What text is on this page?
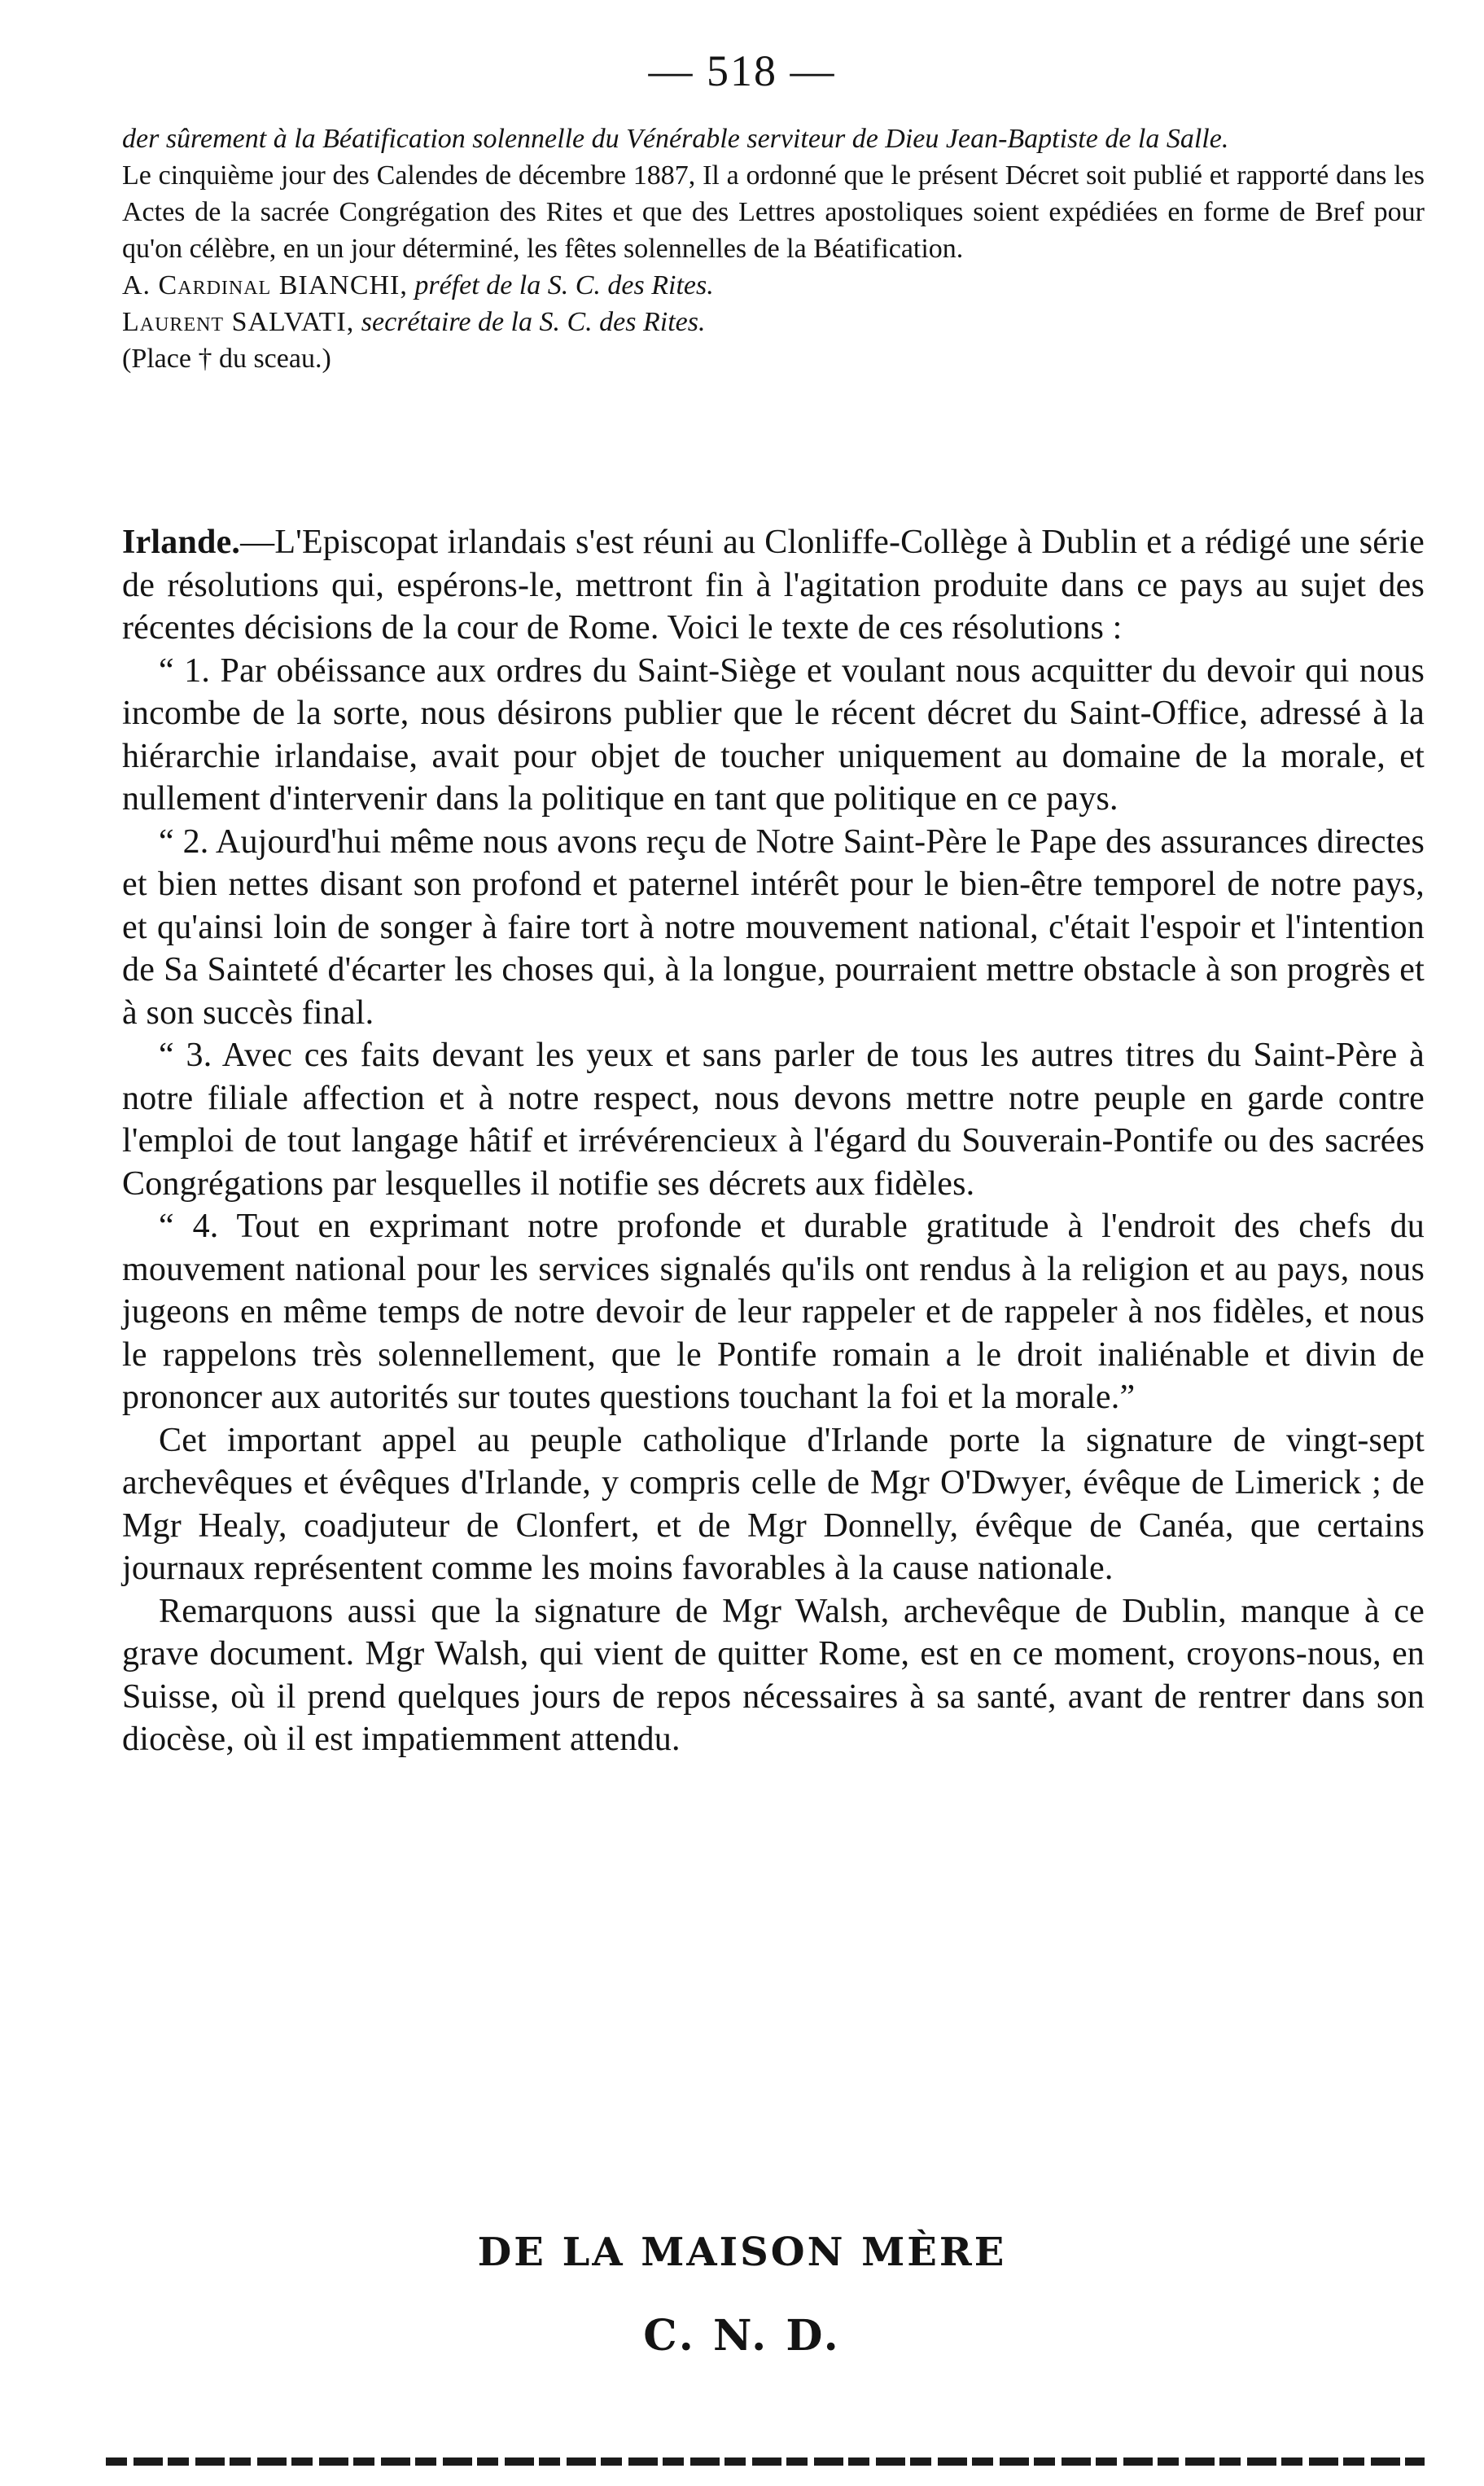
— 518 —

der sûrement à la Béatification solennelle du Vénérable serviteur de Dieu Jean-Baptiste de la Salle.

Le cinquième jour des Calendes de décembre 1887, Il a ordonné que le présent Décret soit publié et rapporté dans les Actes de la sacrée Congrégation des Rites et que des Lettres apostoliques soient expédiées en forme de Bref pour qu'on célèbre, en un jour déterminé, les fêtes solennelles de la Béatification.

A. Cardinal BIANCHI, préfet de la S. C. des Rites.

Laurent SALVATI, secrétaire de la S. C. des Rites.

(Place † du sceau.)

Irlande.—L'Episcopat irlandais s'est réuni au Clonliffe-Collège à Dublin et a rédigé une série de résolutions qui, espérons-le, mettront fin à l'agitation produite dans ce pays au sujet des récentes décisions de la cour de Rome. Voici le texte de ces résolutions :

“ 1. Par obéissance aux ordres du Saint-Siège et voulant nous acquitter du devoir qui nous incombe de la sorte, nous désirons publier que le récent décret du Saint-Office, adressé à la hiérarchie irlandaise, avait pour objet de toucher uniquement au domaine de la morale, et nullement d'intervenir dans la politique en tant que politique en ce pays.

“ 2. Aujourd'hui même nous avons reçu de Notre Saint-Père le Pape des assurances directes et bien nettes disant son profond et paternel intérêt pour le bien-être temporel de notre pays, et qu'ainsi loin de songer à faire tort à notre mouvement national, c'était l'espoir et l'intention de Sa Sainteté d'écarter les choses qui, à la longue, pourraient mettre obstacle à son progrès et à son succès final.

“ 3. Avec ces faits devant les yeux et sans parler de tous les autres titres du Saint-Père à notre filiale affection et à notre respect, nous devons mettre notre peuple en garde contre l'emploi de tout langage hâtif et irrévérencieux à l'égard du Souverain-Pontife ou des sacrées Congrégations par lesquelles il notifie ses décrets aux fidèles.

“ 4. Tout en exprimant notre profonde et durable gratitude à l'endroit des chefs du mouvement national pour les services signalés qu'ils ont rendus à la religion et au pays, nous jugeons en même temps de notre devoir de leur rappeler et de rappeler à nos fidèles, et nous le rappelons très solennellement, que le Pontife romain a le droit inaliénable et divin de prononcer aux autorités sur toutes questions touchant la foi et la morale.”

Cet important appel au peuple catholique d'Irlande porte la signature de vingt-sept archevêques et évêques d'Irlande, y compris celle de Mgr O'Dwyer, évêque de Limerick ; de Mgr Healy, coadjuteur de Clonfert, et de Mgr Donnelly, évêque de Canéa, que certains journaux représentent comme les moins favorables à la cause nationale.

Remarquons aussi que la signature de Mgr Walsh, archevêque de Dublin, manque à ce grave document. Mgr Walsh, qui vient de quitter Rome, est en ce moment, croyons-nous, en Suisse, où il prend quelques jours de repos nécessaires à sa santé, avant de rentrer dans son diocèse, où il est impatiemment attendu.

DE LA MAISON MÈRE
C. N. D.
